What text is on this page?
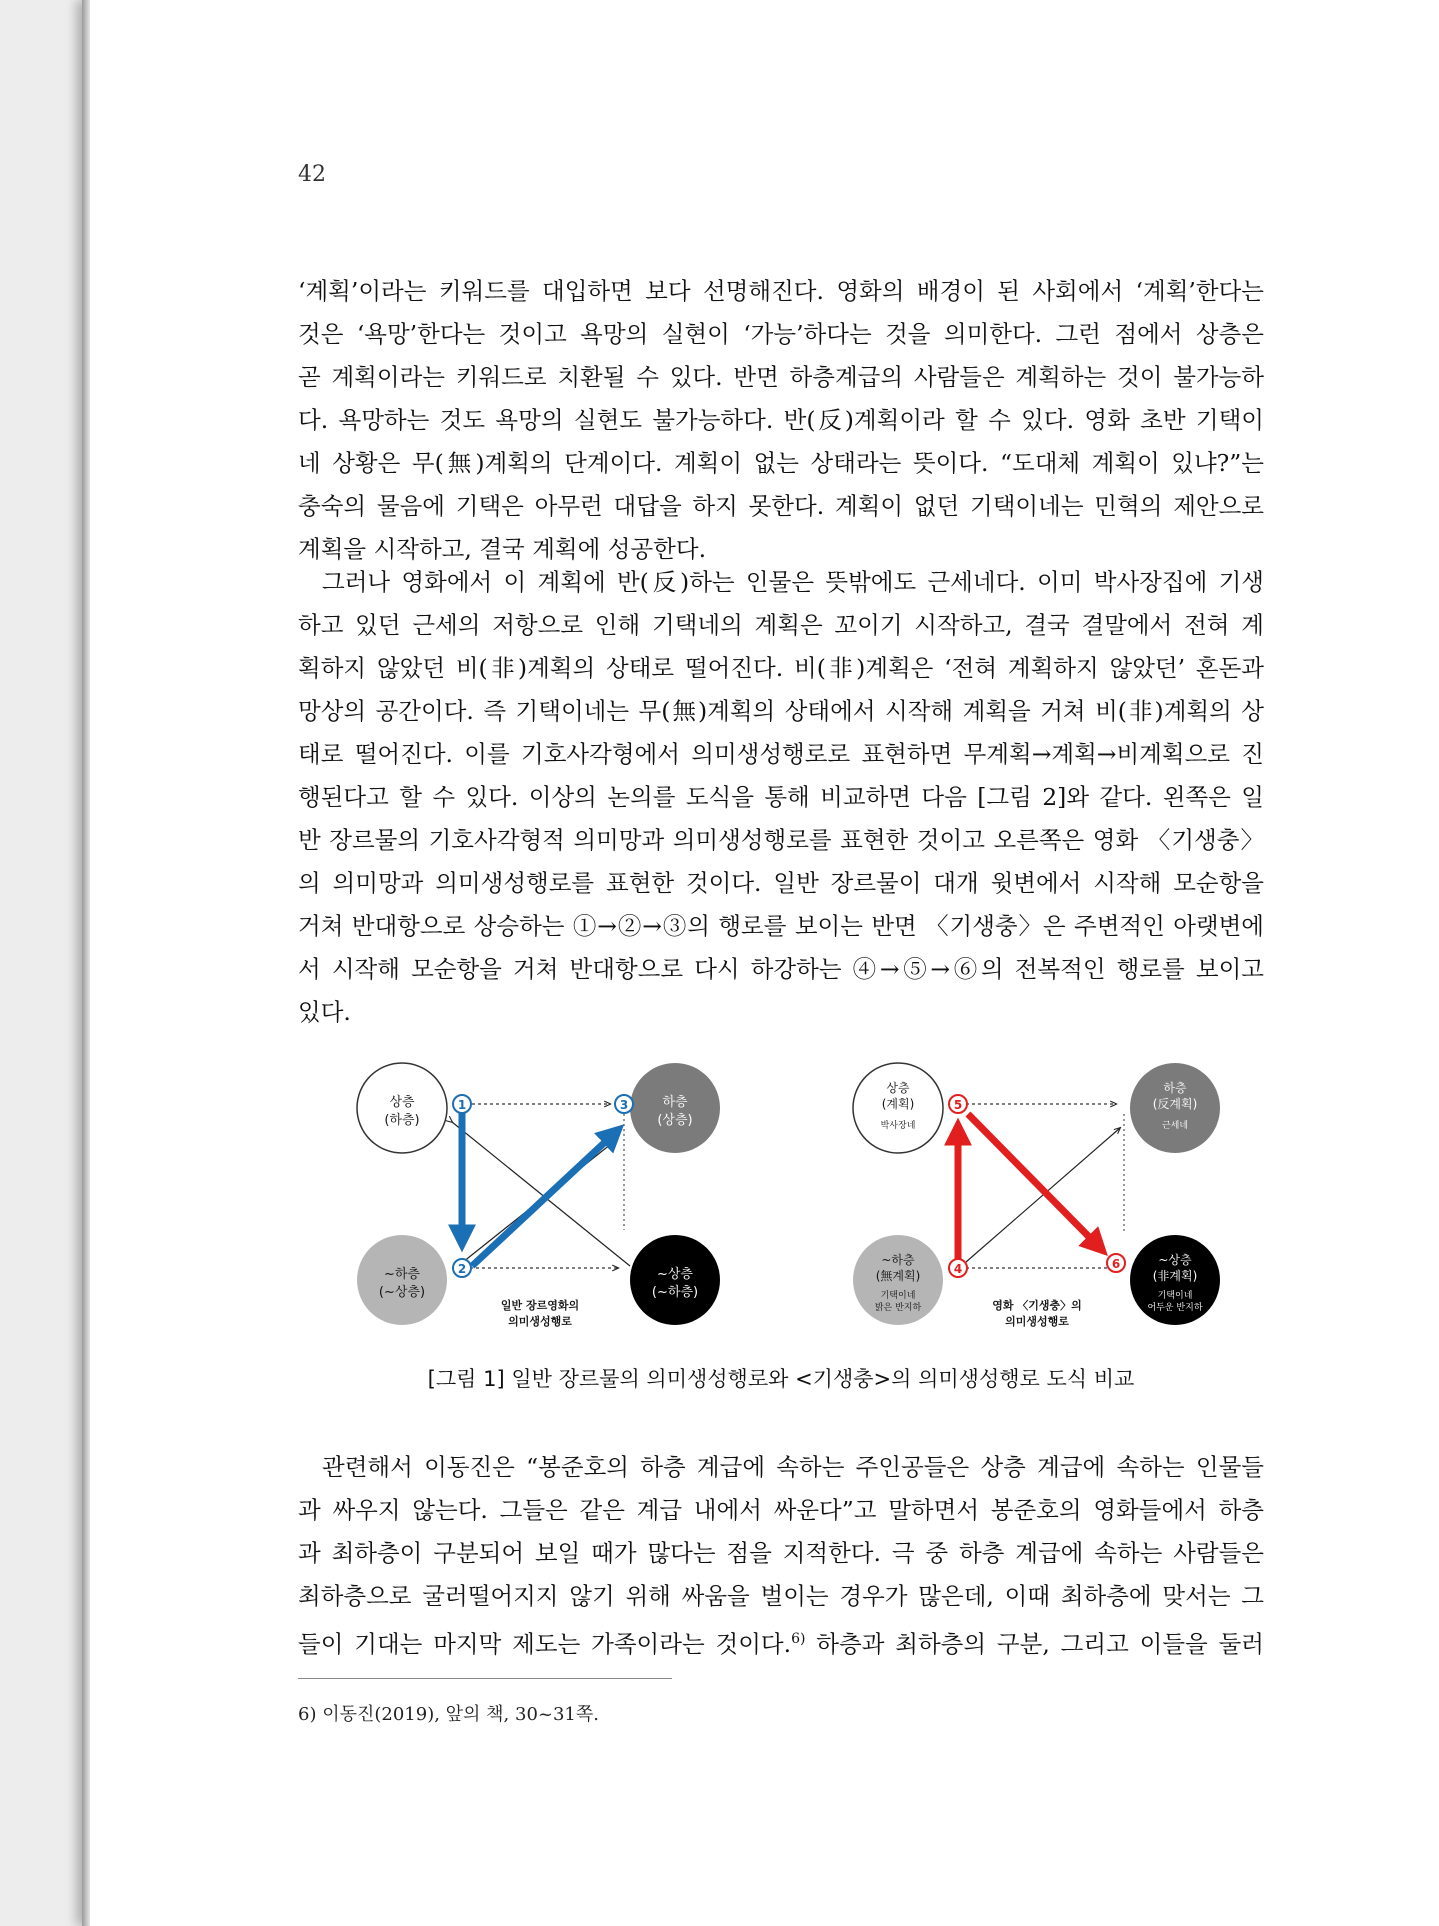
42

‘계획’이라는 키워드를 대입하면 보다 선명해진다. 영화의 배경이 된 사회에서 ‘계획’한다는

것은 ‘욕망’한다는 것이고 욕망의 실현이 ‘가능’하다는 것을 의미한다. 그런 점에서 상층은

곧 계획이라는 키워드로 치환될 수 있다. 반면 하층계급의 사람들은 계획하는 것이 불가능하

다. 욕망하는 것도 욕망의 실현도 불가능하다. 반(反)계획이라 할 수 있다. 영화 초반 기택이

네 상황은 무(無)계획의 단계이다. 계획이 없는 상태라는 뜻이다. “도대체 계획이 있냐?”는

충숙의 물음에 기택은 아무런 대답을 하지 못한다. 계획이 없던 기택이네는 민혁의 제안으로

계획을 시작하고, 결국 계획에 성공한다.

그러나 영화에서 이 계획에 반(反)하는 인물은 뜻밖에도 근세네다. 이미 박사장집에 기생

하고 있던 근세의 저항으로 인해 기택네의 계획은 꼬이기 시작하고, 결국 결말에서 전혀 계

획하지 않았던 비(非)계획의 상태로 떨어진다. 비(非)계획은 ‘전혀 계획하지 않았던’ 혼돈과

망상의 공간이다. 즉 기택이네는 무(無)계획의 상태에서 시작해 계획을 거쳐 비(非)계획의 상

태로 떨어진다. 이를 기호사각형에서 의미생성행로로 표현하면 무계획→계획→비계획으로 진

행된다고 할 수 있다. 이상의 논의를 도식을 통해 비교하면 다음 [그림 2]와 같다. 왼쪽은 일

반 장르물의 기호사각형적 의미망과 의미생성행로를 표현한 것이고 오른쪽은 영화 〈기생충〉

의 의미망과 의미생성행로를 표현한 것이다. 일반 장르물이 대개 윗변에서 시작해 모순항을

거쳐 반대항으로 상승하는 ①→②→③의 행로를 보이는 반면 〈기생충〉은 주변적인 아랫변에

서 시작해 모순항을 거쳐 반대항으로 다시 하강하는 ④→⑤→⑥의 전복적인 행로를 보이고

있다.

1
2
3
상층
(하층)
하층
(상층)
~하층
(~상층)
~상층
(~하층)
일반 장르영화의
의미생성행로
5
4	6
상층
(계획)
박사장네
하층
(反계획)
근세네
~하층
(無계획)
기택이네
밝은 반지하
~상층
(非계획)
기택이네
어두운 반지하
영화 〈기생충〉의
의미생성행로
[그림 1] 일반 장르물의 의미생성행로와 <기생충>의 의미생성행로 도식 비교

관련해서 이동진은 “봉준호의 하층 계급에 속하는 주인공들은 상층 계급에 속하는 인물들

과 싸우지 않는다. 그들은 같은 계급 내에서 싸운다”고 말하면서 봉준호의 영화들에서 하층

과 최하층이 구분되어 보일 때가 많다는 점을 지적한다. 극 중 하층 계급에 속하는 사람들은

최하층으로 굴러떨어지지 않기 위해 싸움을 벌이는 경우가 많은데, 이때 최하층에 맞서는 그

들이 기대는 마지막 제도는 가족이라는 것이다.$^{6)}$ 하층과 최하층의 구분, 그리고 이들을 둘러

6) 이동진(2019), 앞의 책, 30~31쪽.
